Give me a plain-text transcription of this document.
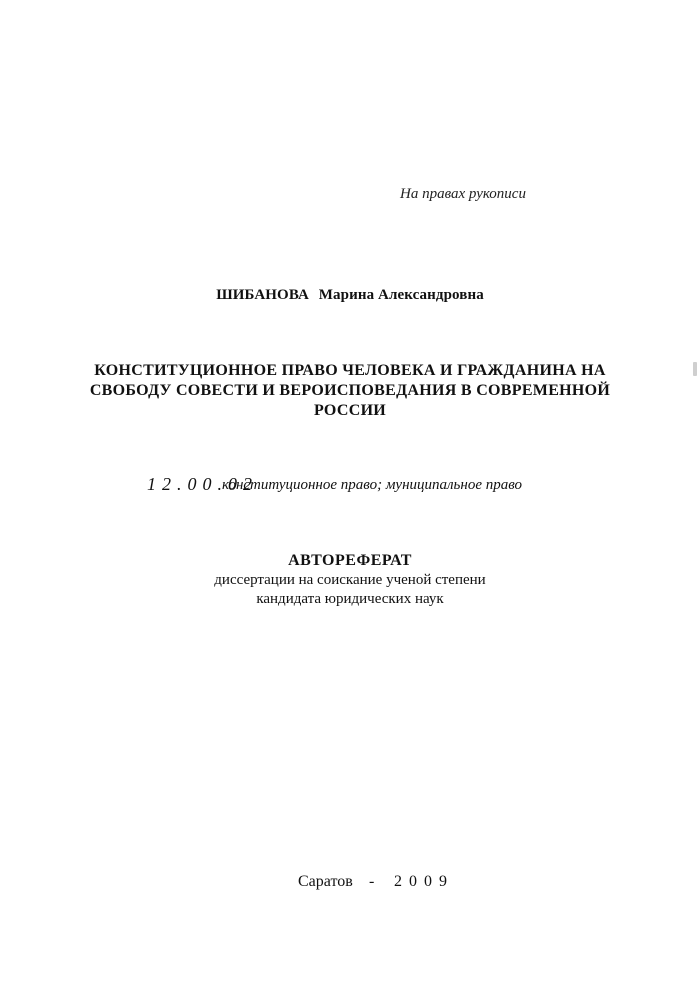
На правах рукописи
ШИБАНОВА Марина Александровна
КОНСТИТУЦИОННОЕ ПРАВО ЧЕЛОВЕКА И ГРАЖДАНИНА НА
СВОБОДУ СОВЕСТИ И ВЕРОИСПОВЕДАНИЯ В СОВРЕМЕННОЙ
РОССИИ
12.00.02
конституционное право; муниципальное право
АВТОРЕФЕРАТ
диссертации на соискание ученой степени
кандидата юридических наук
Саратов - 2009
